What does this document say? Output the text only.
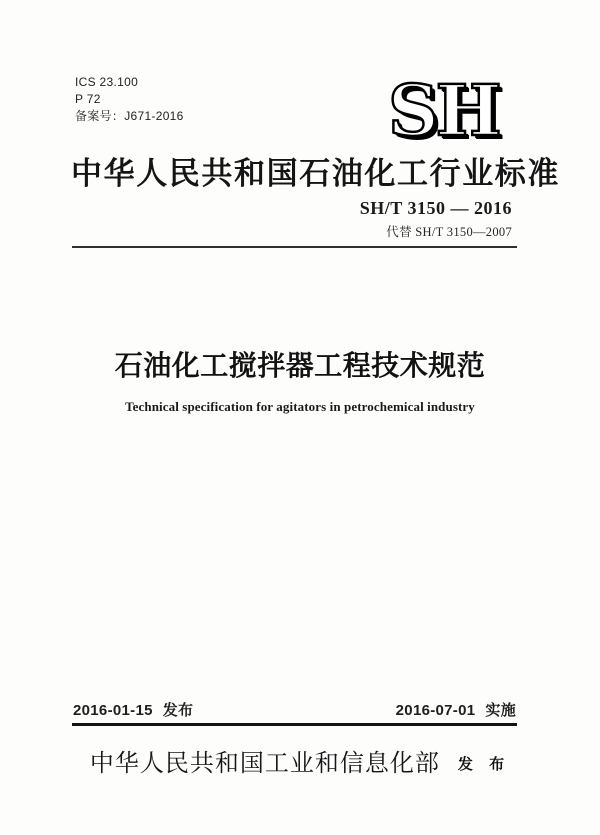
ICS 23.100
P 72
备案号：J671-2016	SH
中华人民共和国石油化工行业标准
SH/T 3150 — 2016
代替 SH/T 3150—2007
石油化工搅拌器工程技术规范
Technical specification for agitators in petrochemical industry
2016-01-15 发布	2016-07-01 实施
中华人民共和国工业和信息化部 发 布
